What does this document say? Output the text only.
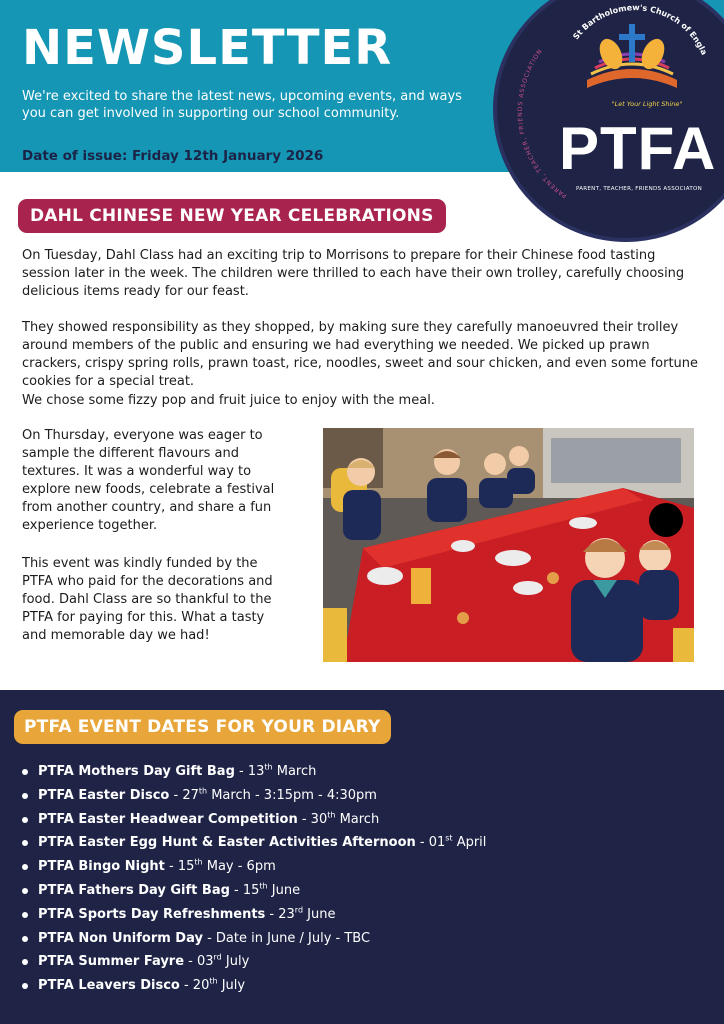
NEWSLETTER
We're excited to share the latest news, upcoming events, and ways you can get involved in supporting our school community.
Date of issue: Friday 12th January 2026
PARENT, TEACHER, FRIENDS ASSOCIATION
St Bartholomew's Church of Engla
"Let Your Light Shine"
PTFA
PARENT, TEACHER, FRIENDS ASSOCIATON
DAHL CHINESE NEW YEAR CELEBRATIONS

On Tuesday, Dahl Class had an exciting trip to Morrisons to prepare for their Chinese food tasting session later in the week. The children were thrilled to each have their own trolley, carefully choosing delicious items ready for our feast.

They showed responsibility as they shopped, by making sure they carefully manoeuvred their trolley around members of the public and ensuring we had everything we needed. We picked up prawn crackers, crispy spring rolls, prawn toast, rice, noodles, sweet and sour chicken, and even some fortune cookies for a special treat.

We chose some fizzy pop and fruit juice to enjoy with the meal.

On Thursday, everyone was eager to sample the different flavours and textures. It was a wonderful way to explore new foods, celebrate a festival from another country, and share a fun experience together.

This event was kindly funded by the PTFA who paid for the decorations and food. Dahl Class are so thankful to the PTFA for paying for this. What a tasty and memorable day we had!

PTFA EVENT DATES FOR YOUR DIARY
PTFA Mothers Day Gift Bag - 13th March
PTFA Easter Disco - 27th March - 3:15pm - 4:30pm
PTFA Easter Headwear Competition - 30th March
PTFA Easter Egg Hunt & Easter Activities Afternoon - 01st April
PTFA Bingo Night - 15th May - 6pm
PTFA Fathers Day Gift Bag - 15th June
PTFA Sports Day Refreshments - 23rd June
PTFA Non Uniform Day - Date in June / July - TBC
PTFA Summer Fayre - 03rd July
PTFA Leavers Disco - 20th July
